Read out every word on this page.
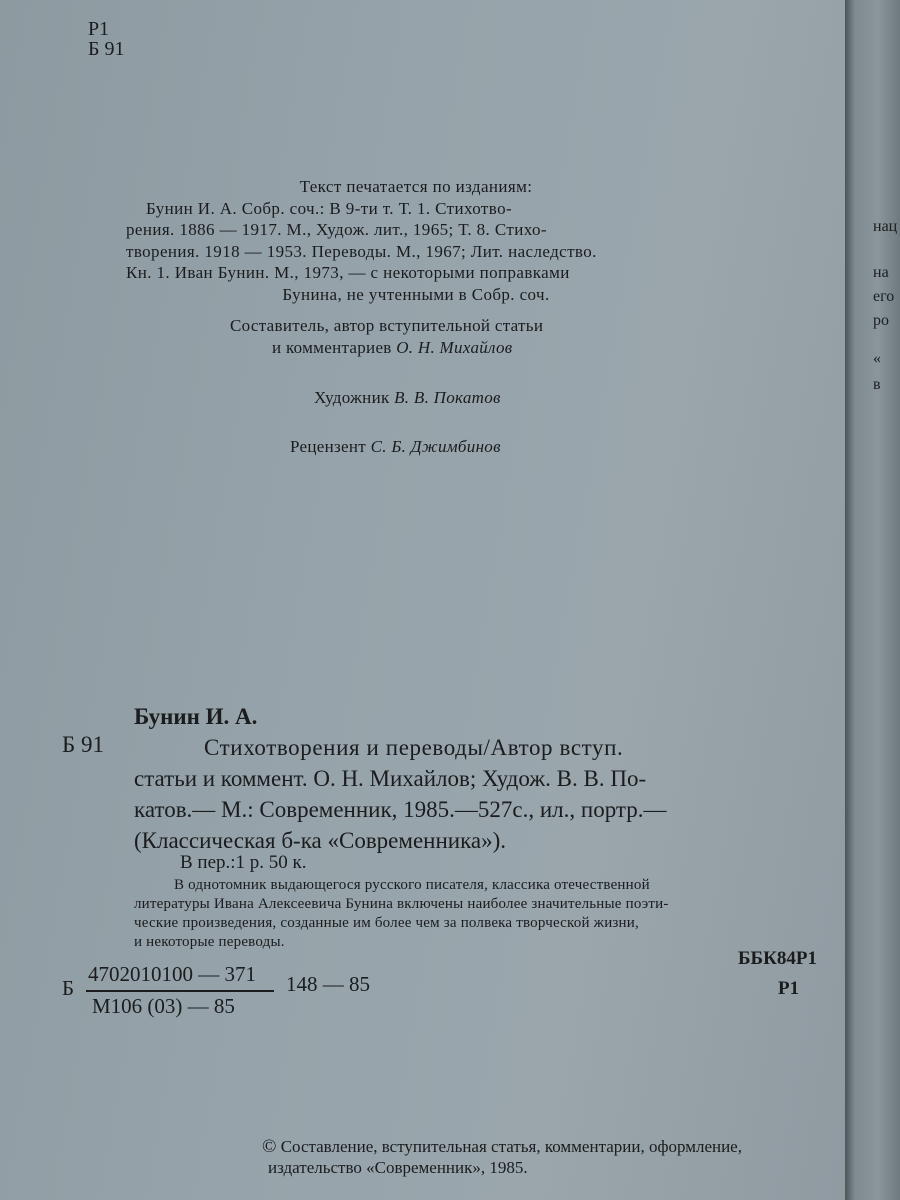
Р1
Б 91
Текст печатается по изданиям:
Бунин И. А. Собр. соч.: В 9-ти т. Т. 1. Стихотво-
рения. 1886 — 1917. М., Худож. лит., 1965; Т. 8. Стихо-
творения. 1918 — 1953. Переводы. М., 1967; Лит. наследство.
Кн. 1. Иван Бунин. М., 1973, — с некоторыми поправками
Бунина, не учтенными в Собр. соч.
Составитель, автор вступительной статьи
и комментариев О. Н. Михайлов
Художник В. В. Покатов
Рецензент С. Б. Джимбинов
Бунин И. А.
Б 91	Стихотворения и переводы/Автор вступ.
статьи и коммент. О. Н. Михайлов; Худож. В. В. По-
катов.— М.: Современник, 1985.—527с., ил., портр.—
(Классическая б-ка «Современника»).
В пер.:1 р. 50 к.
В однотомник выдающегося русского писателя, классика отечественной
литературы Ивана Алексеевича Бунина включены наиболее значительные поэти-
ческие произведения, созданные им более чем за полвека творческой жизни,
и некоторые переводы.
Б
4702010100 — 371
М106 (03) — 85
148 — 85
ББК84Р1
Р1
© Составление, вступительная статья, комментарии, оформление,
издательство «Современник», 1985.
нац
на
его
ро
«
в
